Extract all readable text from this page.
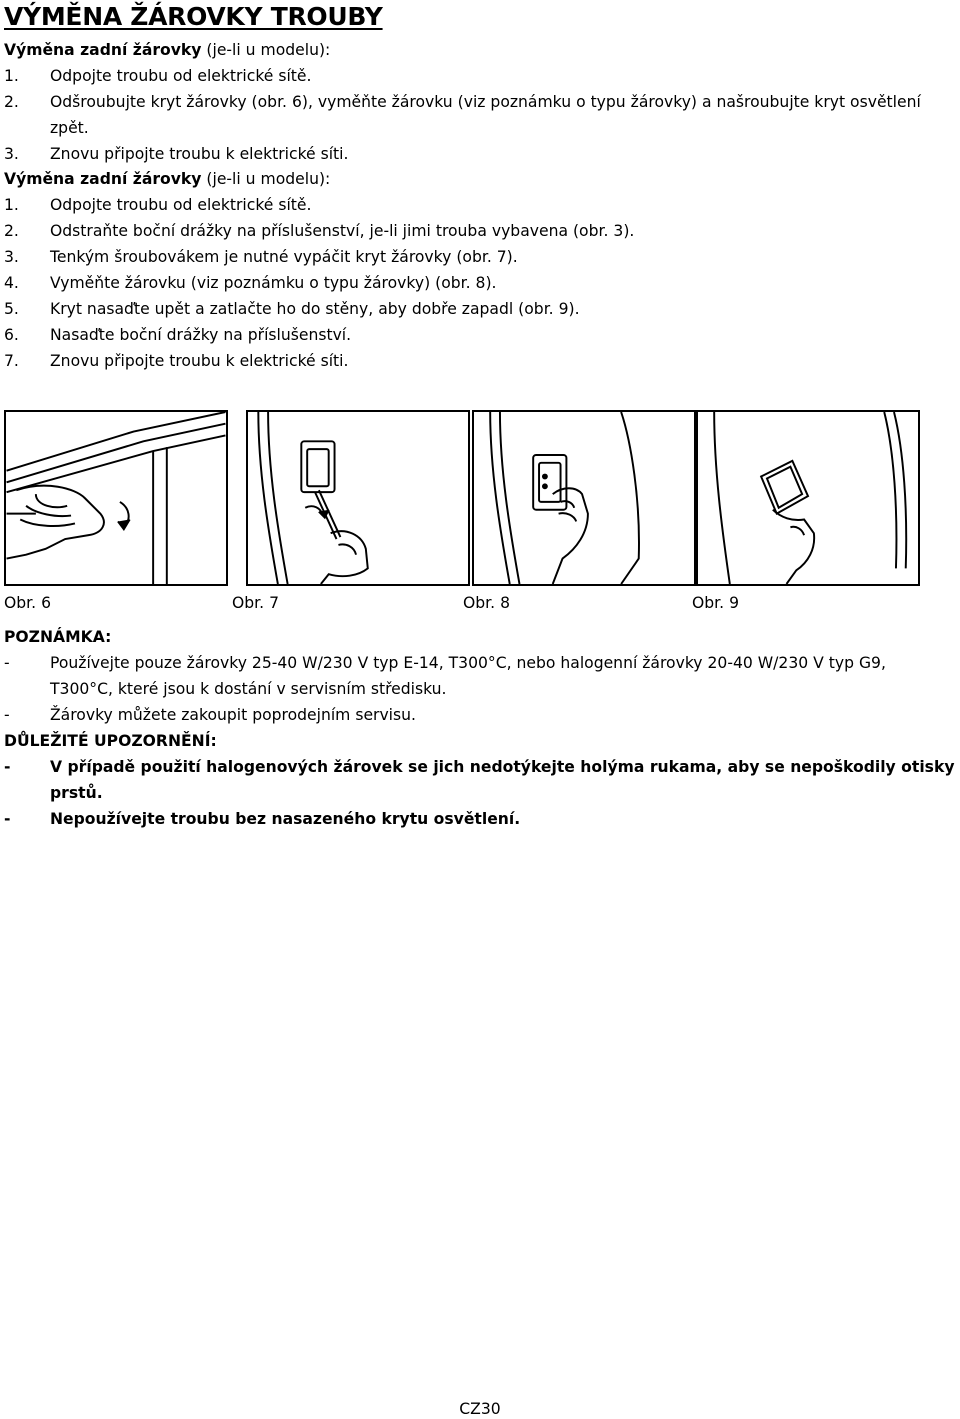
VÝMĚNA ŽÁROVKY TROUBY
Výměna zadní žárovky (je-li u modelu):
1.	Odpojte troubu od elektrické sítě.
2.	Odšroubujte kryt žárovky (obr. 6), vyměňte žárovku (viz poznámku o typu žárovky) a našroubujte kryt osvětlení zpět.
3.	Znovu připojte troubu k elektrické síti.
Výměna zadní žárovky (je-li u modelu):
1.	Odpojte troubu od elektrické sítě.
2.	Odstraňte boční drážky na příslušenství, je-li jimi trouba vybavena (obr. 3).
3.	Tenkým šroubovákem je nutné vypáčit kryt žárovky (obr. 7).
4.	Vyměňte žárovku (viz poznámku o typu žárovky) (obr. 8).
5.	Kryt nasaďte upět a zatlačte ho do stěny, aby dobře zapadl (obr. 9).
6.	Nasaďte boční drážky na příslušenství.
7.	Znovu připojte troubu k elektrické síti.
Obr. 6	Obr. 7	Obr. 8	Obr. 9
POZNÁMKA:
-	Používejte pouze žárovky 25-40 W/230 V typ E-14, T300°C, nebo halogenní žárovky 20-40 W/230 V typ G9, T300°C, které jsou k dostání v servisním středisku.
-	Žárovky můžete zakoupit poprodejním servisu.
DŮLEŽITÉ UPOZORNĚNÍ:
-	V případě použití halogenových žárovek se jich nedotýkejte holýma rukama, aby se nepoškodily otisky prstů.
-	Nepoužívejte troubu bez nasazeného krytu osvětlení.
CZ30
